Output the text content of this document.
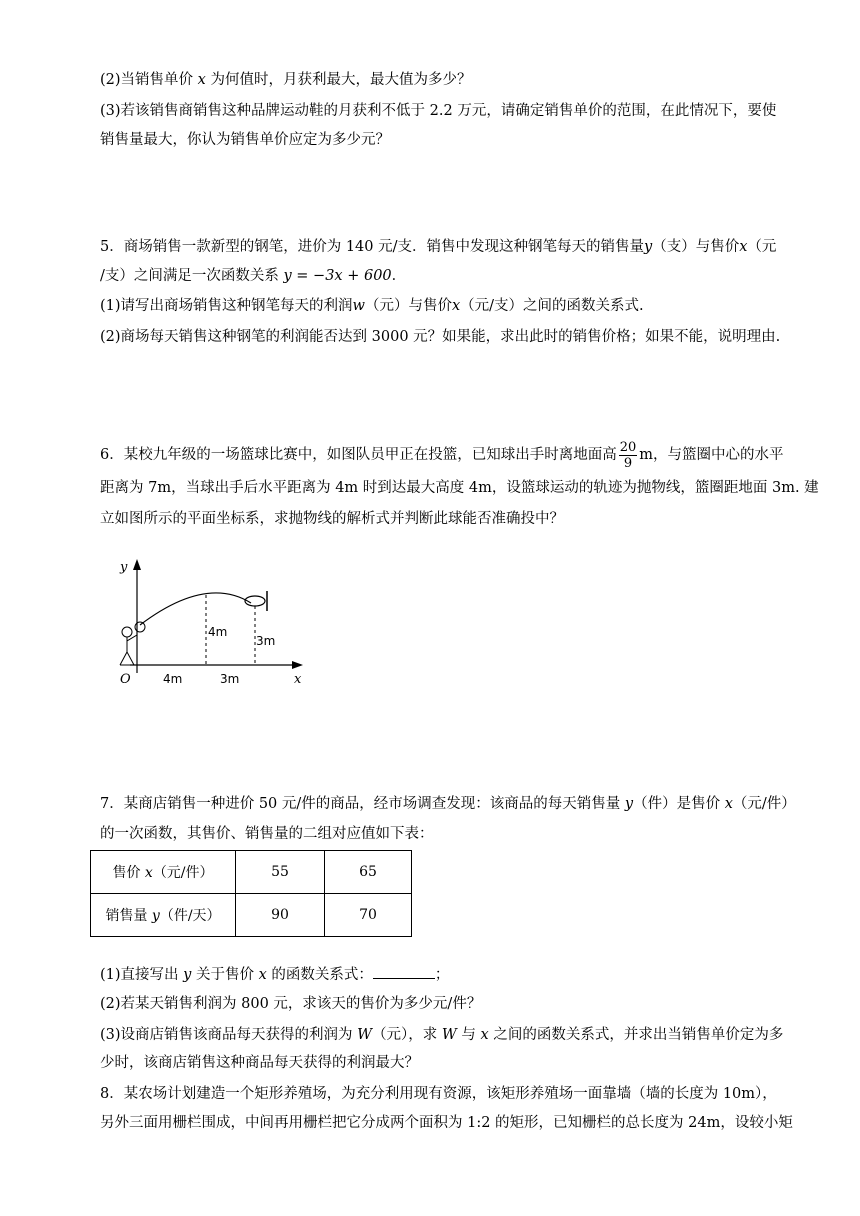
(2)当销售单价 x 为何值时，月获利最大，最大值为多少？
(3)若该销售商销售这种品牌运动鞋的月获利不低于 2.2 万元，请确定销售单价的范围，在此情况下，要使
销售量最大，你认为销售单价应定为多少元？
5．商场销售一款新型的钢笔，进价为 140 元/支．销售中发现这种钢笔每天的销售量y（支）与售价x（元
/支）之间满足一次函数关系 y = −3x + 600．
(1)请写出商场销售这种钢笔每天的利润w（元）与售价x（元/支）之间的函数关系式.
(2)商场每天销售这种钢笔的利润能否达到 3000 元？如果能，求出此时的销售价格；如果不能，说明理由.
6．某校九年级的一场篮球比赛中，如图队员甲正在投篮，已知球出手时离地面高 $\frac{20}{9}$ m，与篮圈中心的水平
距离为 7m，当球出手后水平距离为 4m 时到达最大高度 4m，设篮球运动的轨迹为抛物线，篮圈距地面 3m. 建
立如图所示的平面坐标系，求抛物线的解析式并判断此球能否准确投中？
y
x
O
4m
3m
4m	3m
7．某商店销售一种进价 50 元/件的商品，经市场调查发现：该商品的每天销售量 y（件）是售价 x（元/件）
的一次函数，其售价、销售量的二组对应值如下表：
售价 x（元/件）	55	65
销售量 y（件/天）	90	70
(1)直接写出 y 关于售价 x 的函数关系式：	；
(2)若某天销售利润为 800 元，求该天的售价为多少元/件？
(3)设商店销售该商品每天获得的利润为 W（元），求 W 与 x 之间的函数关系式，并求出当销售单价定为多
少时，该商店销售这种商品每天获得的利润最大？
8．某农场计划建造一个矩形养殖场，为充分利用现有资源，该矩形养殖场一面靠墙（墙的长度为 10m），
另外三面用栅栏围成，中间再用栅栏把它分成两个面积为 1:2 的矩形，已知栅栏的总长度为 24m，设较小矩
